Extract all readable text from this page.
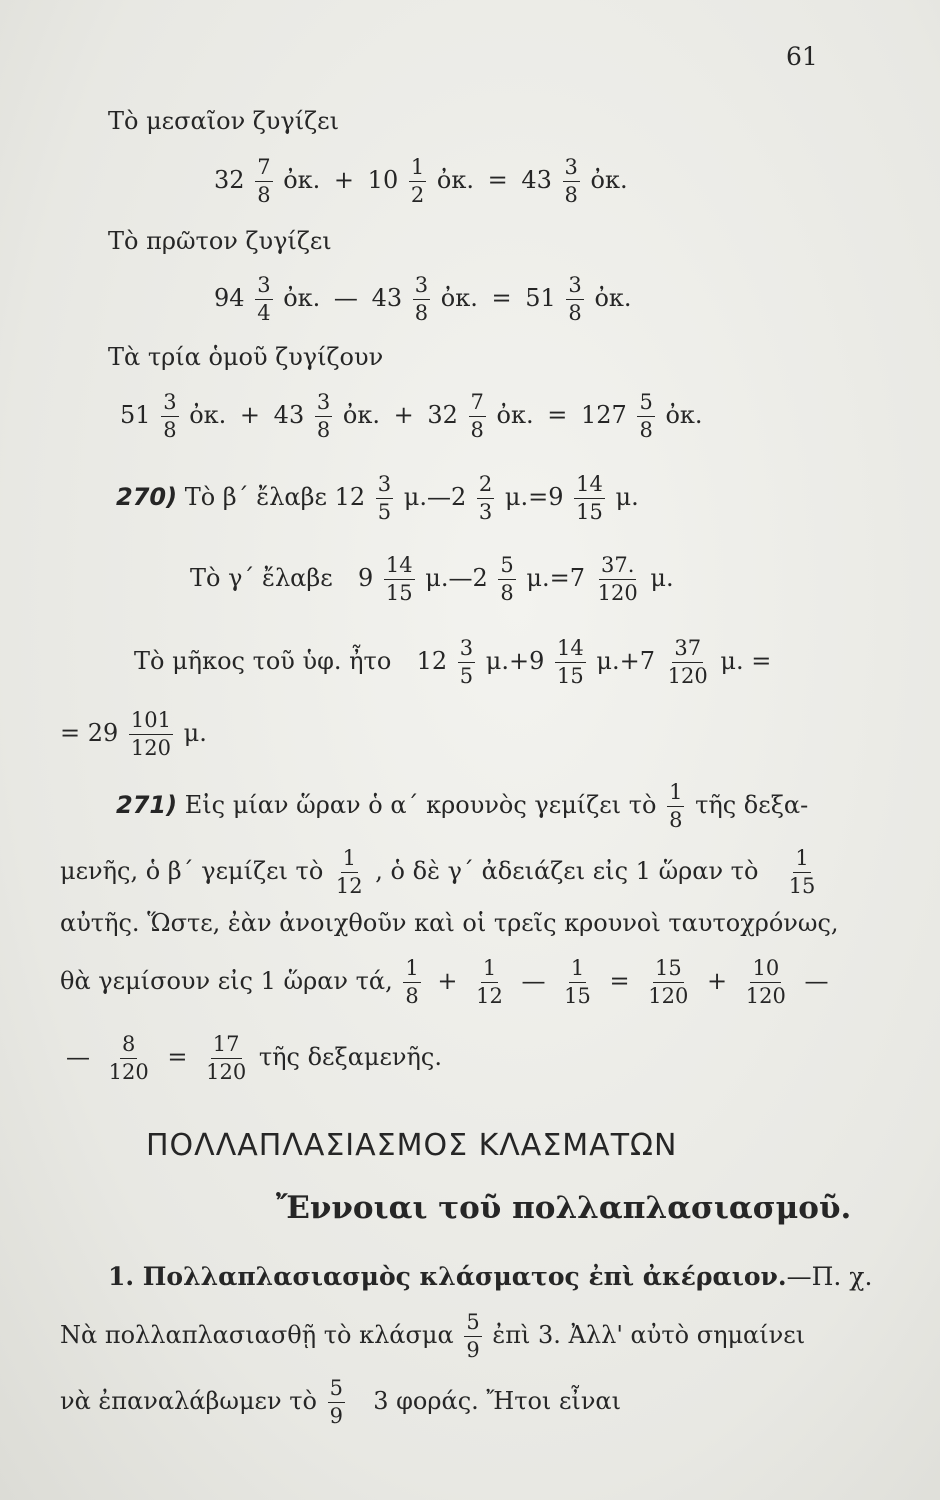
61
Τὸ μεσαῖον ζυγίζει
$32 \frac{7}{8}$ ὀκ. + $10 \frac{1}{2}$ ὀκ. = $43 \frac{3}{8}$ ὀκ.
Τὸ πρῶτον ζυγίζει
$94 \frac{3}{4}$ ὀκ. — $43 \frac{3}{8}$ ὀκ. = $51 \frac{3}{8}$ ὀκ.
Τὰ τρία ὁμοῦ ζυγίζουν
$51 \frac{3}{8}$ ὀκ. + $43 \frac{3}{8}$ ὀκ. + $32 \frac{7}{8}$ ὀκ. = $127 \frac{5}{8}$ ὀκ.
270) Τὸ β΄ ἔλαβε $12 \frac{3}{5}$ μ.—2 $\frac{2}{3} \mu.=9 \frac{14}{15} \mu$.
Τὸ γ΄ ἔλαβε $9 \frac{14}{15}$ μ.—2 $\frac{5}{8} \mu.=7 \frac{37.}{120} \mu$.
Τὸ μῆκος τοῦ ὑφ. ἦτο $12 \frac{3}{5} \mu.+9 \frac{14}{15} \mu.+7 \frac{37}{120} \mu$. =
= $29 \frac{101}{120} \mu$.
271) Εἰς μίαν ὥραν ὁ α΄ κρουνὸς γεμίζει τὸ $\frac{1}{8}$ τῆς δεξα-
μενῆς, ὁ β΄ γεμίζει τὸ $\frac{1}{12}$ , ὁ δὲ γ΄ ἀδειάζει εἰς 1 ὥραν τὸ $\frac{1}{15}$
αὐτῆς. Ὥστε, ἐὰν ἀνοιχθοῦν καὶ οἱ τρεῖς κρουνοὶ ταυτοχρόνως,
θὰ γεμίσουν εἰς 1 ὥραν τά, $\frac{1}{8} + \frac{1}{12}$ — $\frac{1}{15} = \frac{15}{120} + \frac{10}{120}$ —
— $\frac{8}{120} = \frac{17}{120}$ τῆς δεξαμενῆς.
ΠΟΛΛΑΠΛΑΣΙΑΣΜΟΣ ΚΛΑΣΜΑΤΩΝ
Ἔννοιαι τοῦ πολλαπλασιασμοῦ.
1. Πολλαπλασιασμὸς κλάσματος ἐπὶ ἀκέραιον.—Π. χ.
Νὰ πολλαπλασιασθῇ τὸ κλάσμα $\frac{5}{9}$ ἐπὶ 3. Ἀλλ' αὐτὸ σημαίνει
νὰ ἐπαναλάβωμεν τὸ $\frac{5}{9} 3$ φοράς. Ἤτοι εἶναι
